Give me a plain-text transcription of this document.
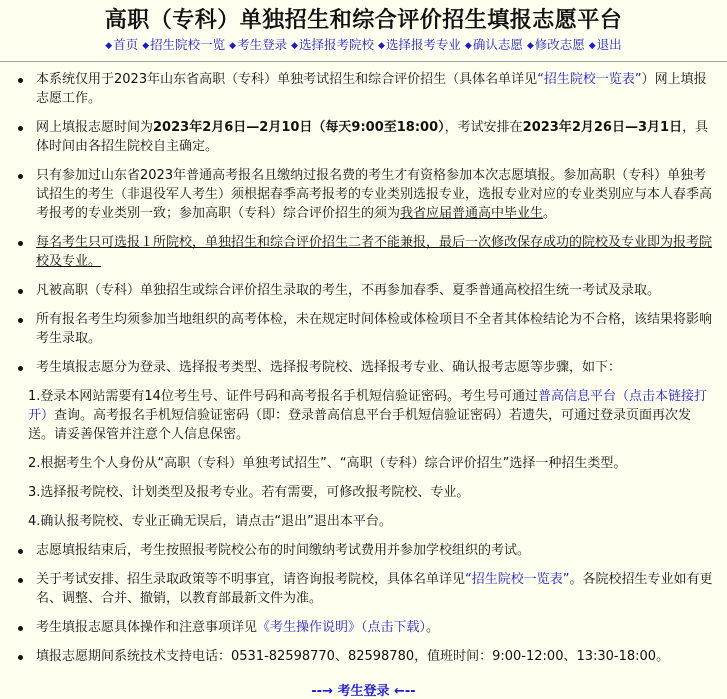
高职（专科）单独招生和综合评价招生填报志愿平台
◆首页 ◆招生院校一览 ◆考生登录 ◆选择报考院校 ◆选择报考专业 ◆确认志愿 ◆修改志愿 ◆退出
本系统仅用于2023年山东省高职（专科）单独考试招生和综合评价招生（具体名单详见“招生院校一览表”）网上填报志愿工作。
网上填报志愿时间为2023年2月6日—2月10日（每天9:00至18:00），考试安排在2023年2月26日—3月1日，具体时间由各招生院校自主确定。
只有参加过山东省2023年普通高考报名且缴纳过报名费的考生才有资格参加本次志愿填报。参加高职（专科）单独考试招生的考生（非退役军人考生）须根据春季高考报考的专业类别选报专业，选报专业对应的专业类别应与本人春季高考报考的专业类别一致；参加高职（专科）综合评价招生的须为我省应届普通高中毕业生。
每名考生只可选报１所院校，单独招生和综合评价招生二者不能兼报，最后一次修改保存成功的院校及专业即为报考院校及专业。
凡被高职（专科）单独招生或综合评价招生录取的考生，不再参加春季、夏季普通高校招生统一考试及录取。
所有报名考生均须参加当地组织的高考体检，未在规定时间体检或体检项目不全者其体检结论为不合格，该结果将影响考生录取。
考生填报志愿分为登录、选择报考类型、选择报考院校、选择报考专业、确认报考志愿等步骤，如下：
1.登录本网站需要有14位考生号、证件号码和高考报名手机短信验证密码。考生号可通过普高信息平台（点击本链接打开）查询。高考报名手机短信验证密码（即：登录普高信息平台手机短信验证密码）若遗失，可通过登录页面再次发送。请妥善保管并注意个人信息保密。
2.根据考生个人身份从“高职（专科）单独考试招生”、“高职（专科）综合评价招生”选择一种招生类型。
3.选择报考院校、计划类型及报考专业。若有需要，可修改报考院校、专业。
4.确认报考院校、专业正确无误后，请点击“退出”退出本平台。
志愿填报结束后，考生按照报考院校公布的时间缴纳考试费用并参加学校组织的考试。
关于考试安排、招生录取政策等不明事宜，请咨询报考院校，具体名单详见“招生院校一览表”。各院校招生专业如有更名、调整、合并、撤销，以教育部最新文件为准。
考生填报志愿具体操作和注意事项详见《考生操作说明》（点击下载）。
填报志愿期间系统技术支持电话：0531-82598770、82598780，值班时间：9:00-12:00、13:30-18:00。
--→ 考生登录 ←--
